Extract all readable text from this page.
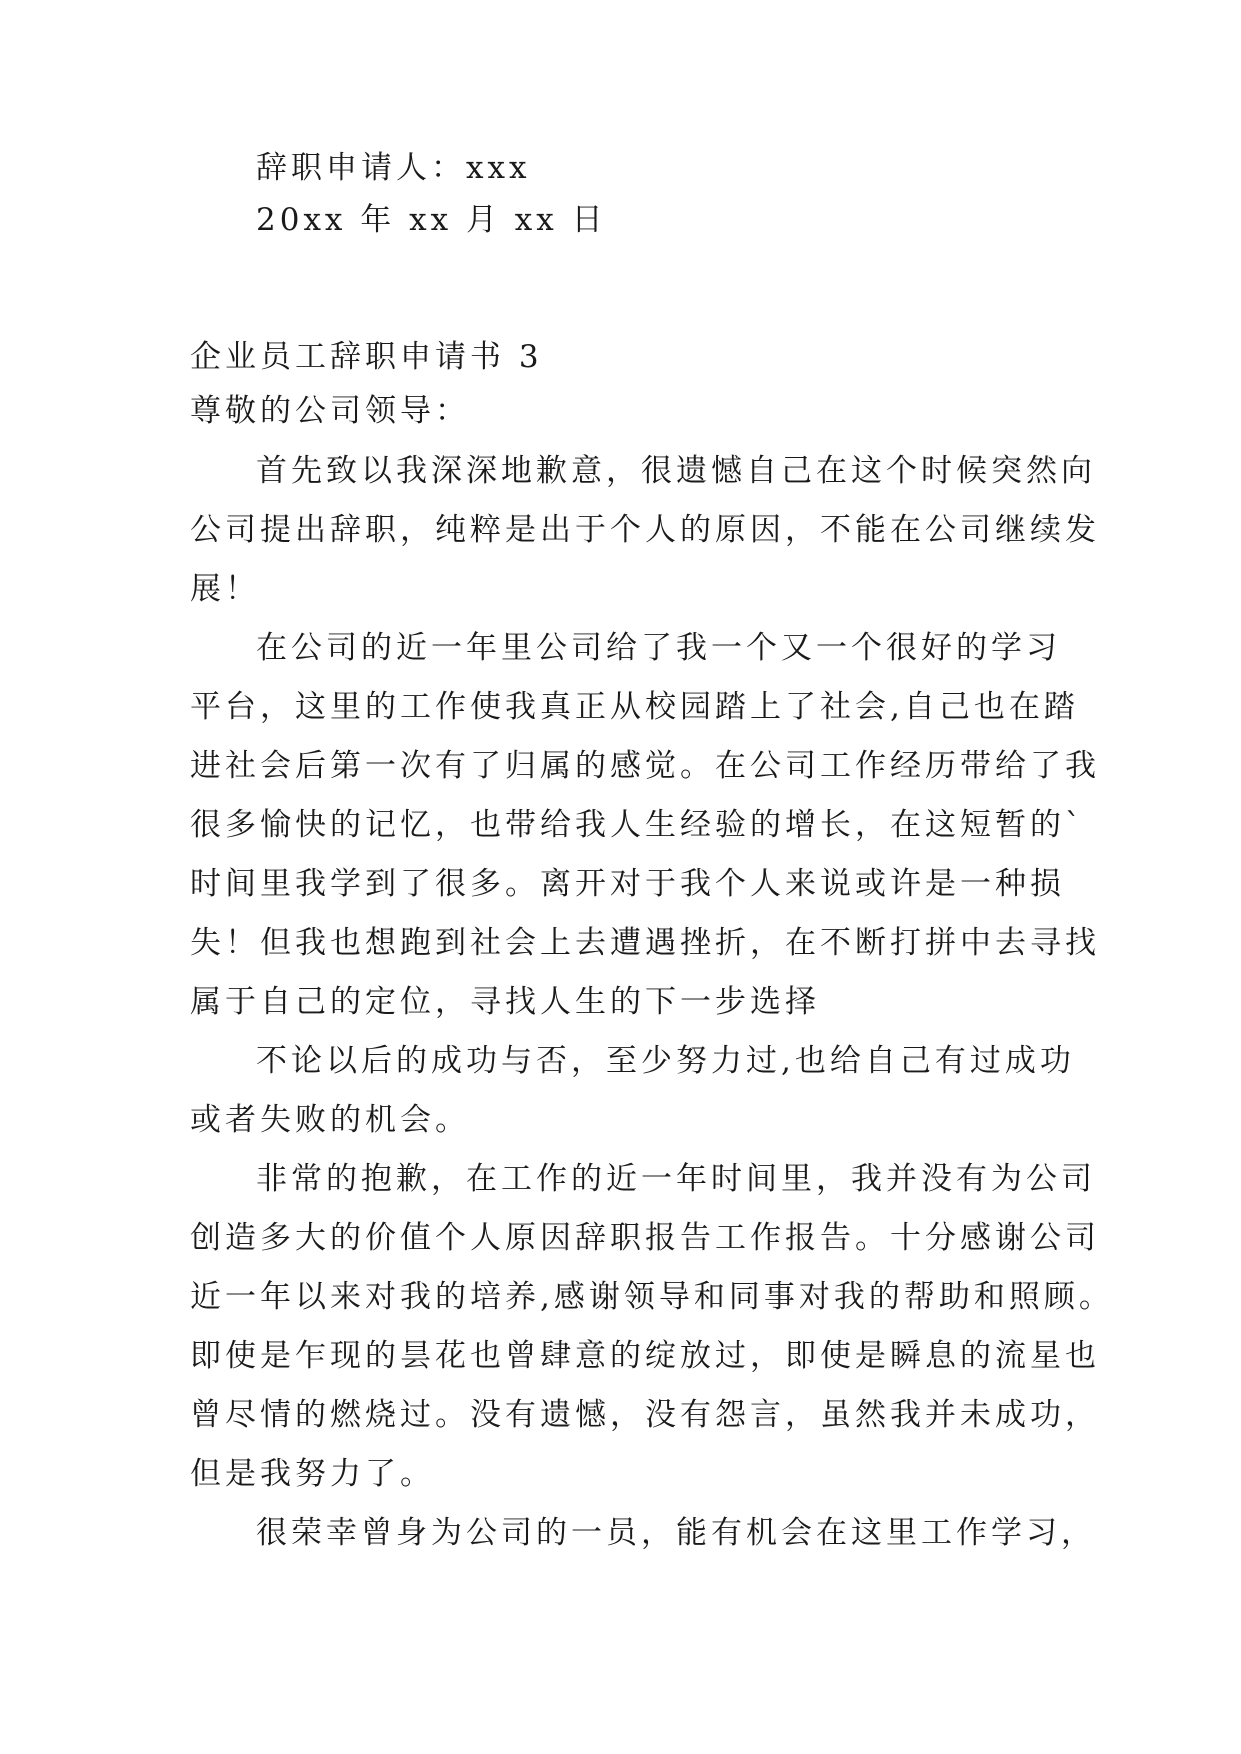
辞职申请人：xxx
20xx 年 xx 月 xx 日
企业员工辞职申请书 3
尊敬的公司领导：
首先致以我深深地歉意，很遗憾自己在这个时候突然向
公司提出辞职，纯粹是出于个人的原因，不能在公司继续发
展！
在公司的近一年里公司给了我一个又一个很好的学习
平台，这里的工作使我真正从校园踏上了社会,自己也在踏
进社会后第一次有了归属的感觉。在公司工作经历带给了我
很多愉快的记忆，也带给我人生经验的增长，在这短暂的`
时间里我学到了很多。离开对于我个人来说或许是一种损
失！但我也想跑到社会上去遭遇挫折，在不断打拼中去寻找
属于自己的定位，寻找人生的下一步选择
不论以后的成功与否，至少努力过,也给自己有过成功
或者失败的机会。
非常的抱歉，在工作的近一年时间里，我并没有为公司
创造多大的价值个人原因辞职报告工作报告。十分感谢公司
近一年以来对我的培养,感谢领导和同事对我的帮助和照顾。
即使是乍现的昙花也曾肆意的绽放过，即使是瞬息的流星也
曾尽情的燃烧过。没有遗憾，没有怨言，虽然我并未成功，
但是我努力了。
很荣幸曾身为公司的一员，能有机会在这里工作学习，
